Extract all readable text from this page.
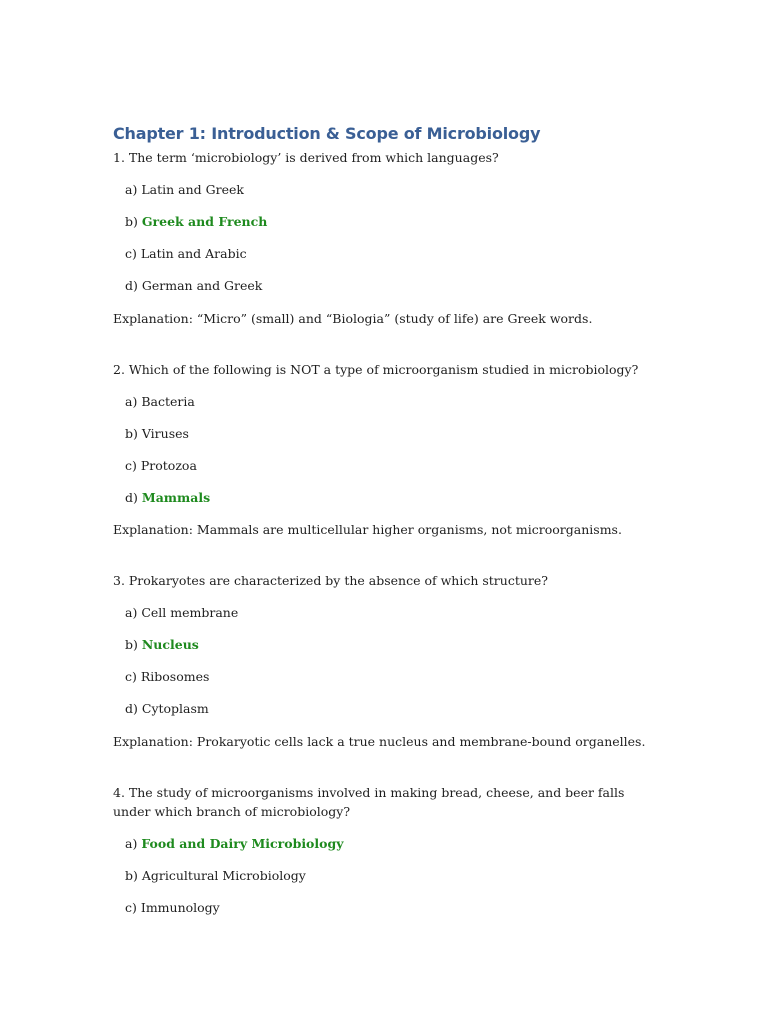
Chapter 1: Introduction & Scope of Microbiology

1. The term ‘microbiology’ is derived from which languages?

a) Latin and Greek

b) Greek and French

c) Latin and Arabic

d) German and Greek

Explanation: “Micro” (small) and “Biologia” (study of life) are Greek words.

2. Which of the following is NOT a type of microorganism studied in microbiology?

a) Bacteria

b) Viruses

c) Protozoa

d) Mammals

Explanation: Mammals are multicellular higher organisms, not microorganisms.

3. Prokaryotes are characterized by the absence of which structure?

a) Cell membrane

b) Nucleus

c) Ribosomes

d) Cytoplasm

Explanation: Prokaryotic cells lack a true nucleus and membrane-bound organelles.

4. The study of microorganisms involved in making bread, cheese, and beer falls under which branch of microbiology?

a) Food and Dairy Microbiology

b) Agricultural Microbiology

c) Immunology
